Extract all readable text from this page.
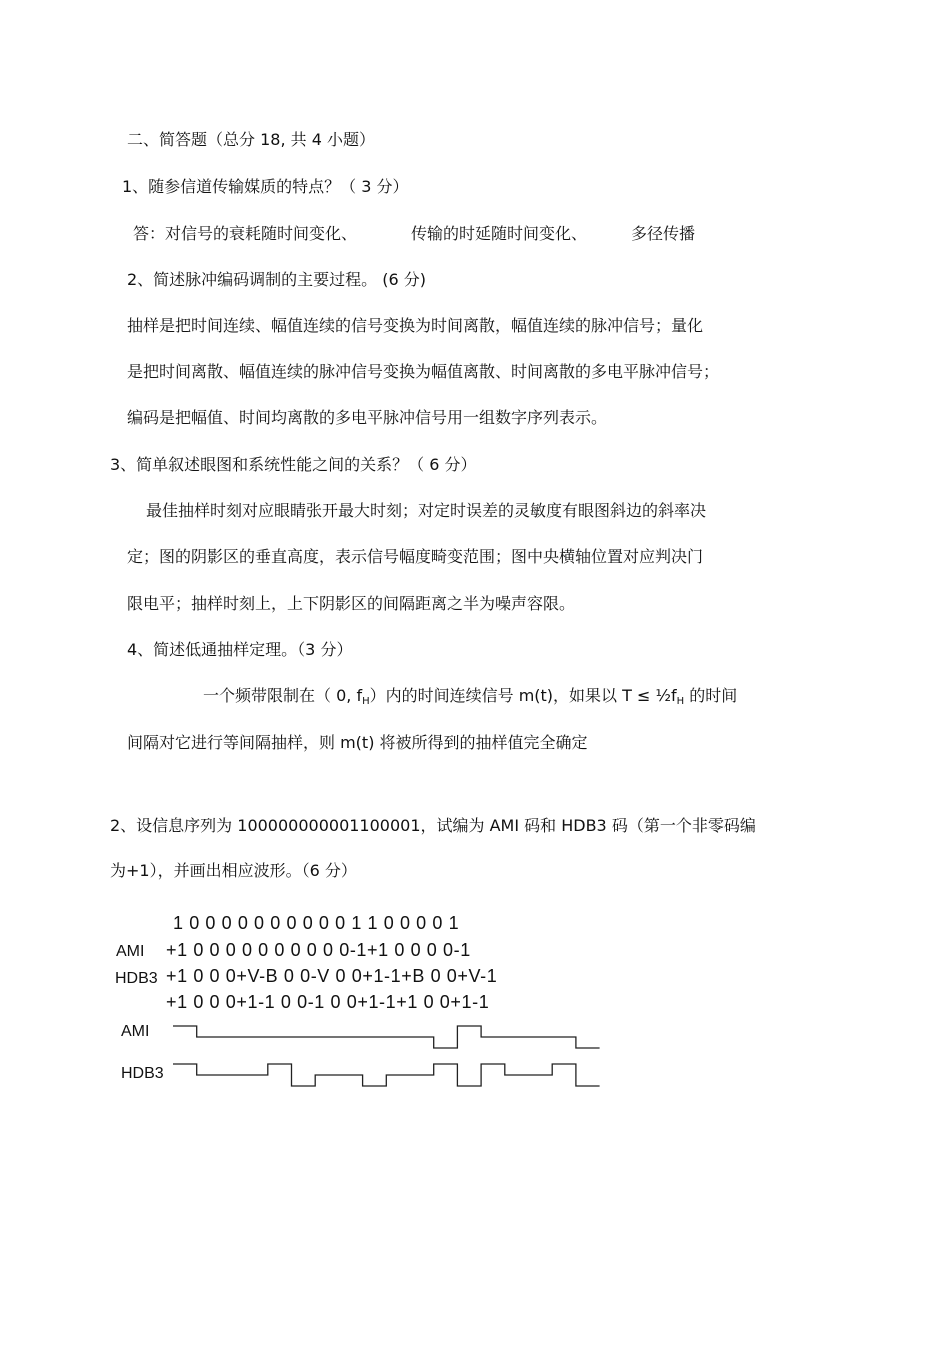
二、简答题（总分 18, 共 4 小题）
1、随参信道传输媒质的特点？（ 3 分）
答：对信号的衰耗随时间变化、	传输的时延随时间变化、	多径传播
2、简述脉冲编码调制的主要过程。 (6 分)
抽样是把时间连续、幅值连续的信号变换为时间离散，幅值连续的脉冲信号；量化
是把时间离散、幅值连续的脉冲信号变换为幅值离散、时间离散的多电平脉冲信号；
编码是把幅值、时间均离散的多电平脉冲信号用一组数字序列表示。
3、简单叙述眼图和系统性能之间的关系？（ 6 分）
最佳抽样时刻对应眼睛张开最大时刻；对定时误差的灵敏度有眼图斜边的斜率决
定；图的阴影区的垂直高度，表示信号幅度畸变范围；图中央横轴位置对应判决门
限电平；抽样时刻上，上下阴影区的间隔距离之半为噪声容限。
4、简述低通抽样定理。（3 分）
一个频带限制在（ 0, $f_H$）内的时间连续信号 m(t)，如果以 $T \le \frac{1}{2}f_H$ 的时间
间隔对它进行等间隔抽样，则 m(t) 将被所得到的抽样值完全确定
2、设信息序列为 100000000001100001，试编为 AMI 码和 HDB3 码（第一个非零码编
为+1），并画出相应波形。（6 分）
1 0 0 0 0 0 0 0 0 0 0 1 1 0 0 0 0 1
AMI +1 0 0 0 0 0 0 0 0 0 0-1+1 0 0 0 0-1
HDB3 +1 0 0 0+V-B 0 0-V 0 0+1-1+B 0 0+V-1
+1 0 0 0+1-1 0 0-1 0 0+1-1+1 0 0+1-1
AMI
HDB3
